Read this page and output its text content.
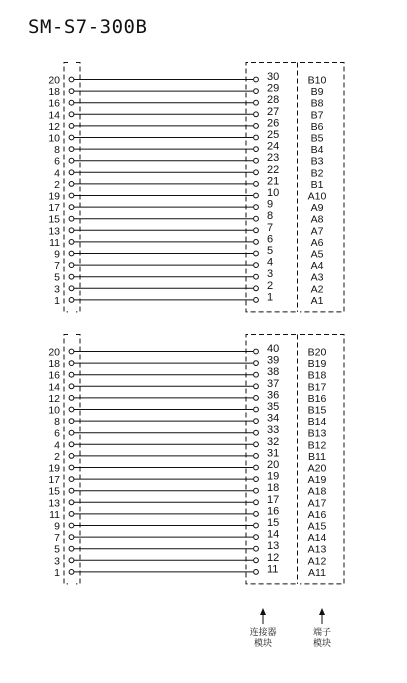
SM-S7-300B
20	30	B10
18	29	B9
16	28	B8
14	27	B7
12	26	B6
10	25	B5
8	24	B4
6	23	B3
4	22	B2
2	21	B1
19	10	A10
17	9	A9
15	8	A8
13	7	A7
11	6	A6
9	5	A5
7	4	A4
5	3	A3
3	2	A2
1	1	A1
20	40	B20
18	39	B19
16	38	B18
14	37	B17
12	36	B16
10	35	B15
8	34	B14
6	33	B13
4	32	B12
2	31	B11
19	20	A20
17	19	A19
15	18	A18
13	17	A17
11	16	A16
9	15	A15
7	14	A14
5	13	A13
3	12	A12
1	11	A11
连接器
模块
端子
模块
